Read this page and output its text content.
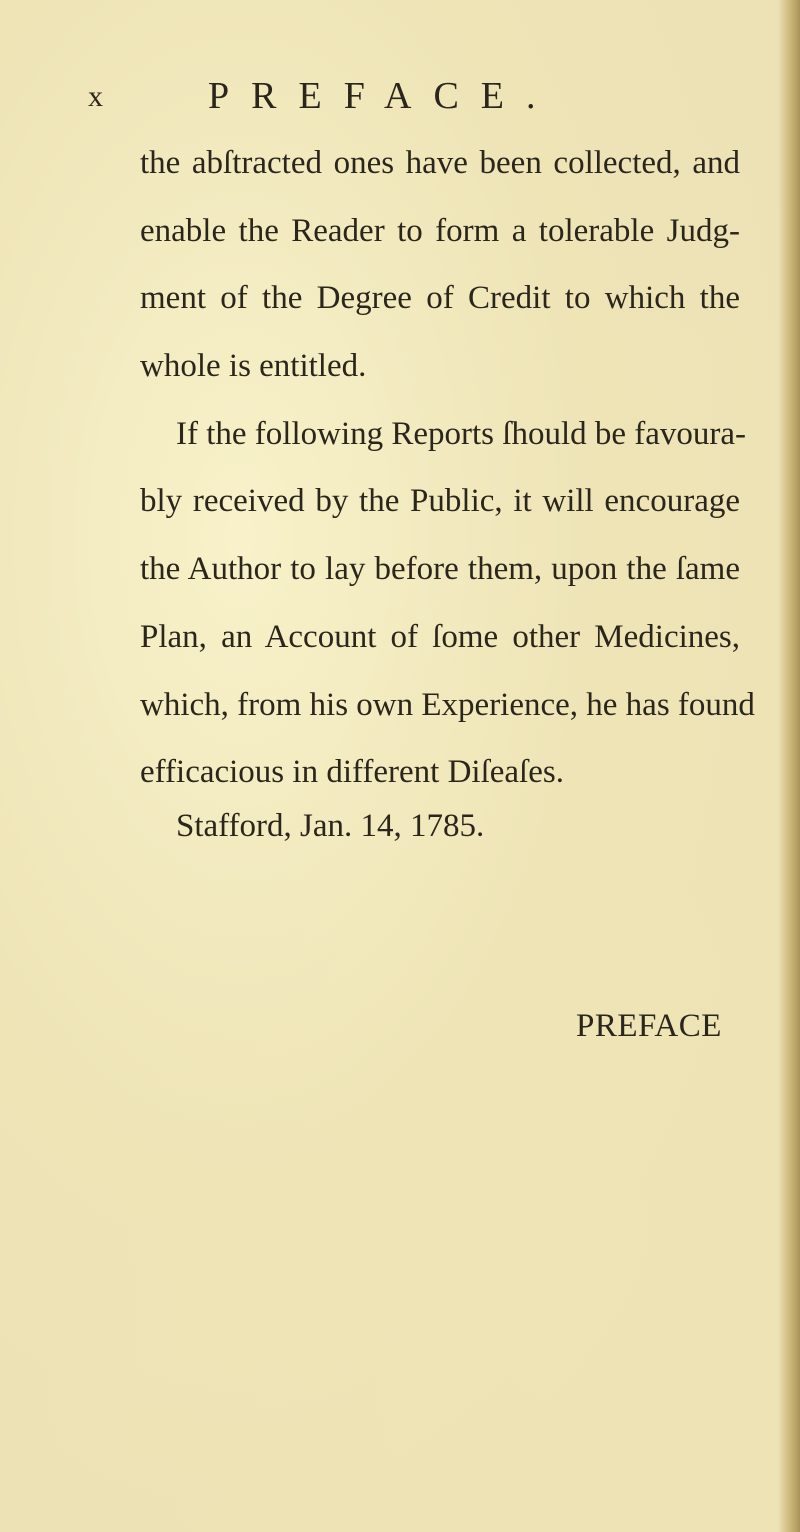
x	PREFACE.
the abſtracted ones have been collected, and
enable the Reader to form a tolerable Judg-
ment of the Degree of Credit to which the
whole is entitled.
If the following Reports ſhould be favoura-
bly received by the Public, it will encourage
the Author to lay before them, upon the ſame
Plan, an Account of ſome other Medicines,
which, from his own Experience, he has found
efficacious in different Diſeaſes.
Stafford, Jan. 14, 1785.
PREFACE
